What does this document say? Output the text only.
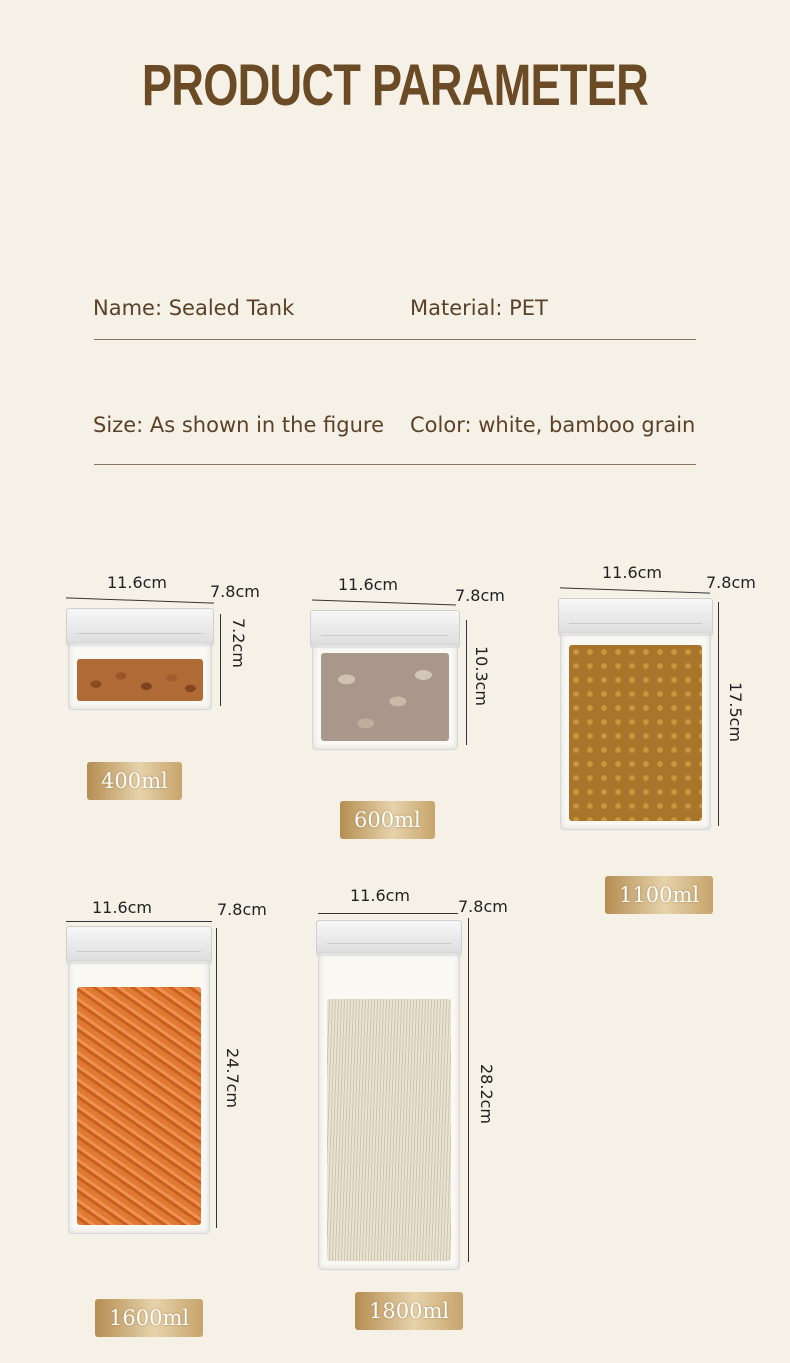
PRODUCT PARAMETER
Name: Sealed Tank	Material: PET
Size: As shown in the figure Color: white, bamboo grain
11.6cm	7.8cm
7.2cm
400ml
11.6cm
7.8cm
10.3cm
600ml
11.6cm
7.8cm
17.5cm
1100ml
11.6cm	7.8cm
24.7cm
1600ml
11.6cm
7.8cm
28.2cm
1800ml
